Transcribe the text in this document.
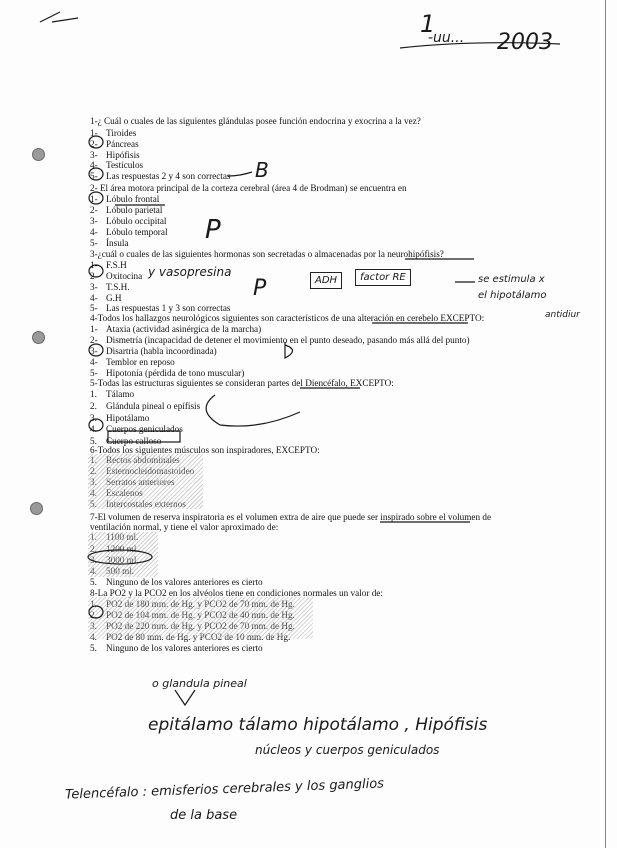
1
-uu... 2003
1-¿ Cuál o cuales de las siguientes glándulas posee función endocrina y exocrina a la vez?
2- El área motora principal de la corteza cerebral (área 4 de Brodman) se encuentra en
3-¿cuál o cuales de las siguientes hormonas son secretadas o almacenadas por la neurohipófisis?
4-Todos los hallazgos neurológicos siguientes son característicos de una alteración en cerebelo EXCEPTO:
5-Todas las estructuras siguientes se consideran partes del Diencéfalo, EXCEPTO:
6-Todos los siguientes músculos son inspiradores, EXCEPTO:
7-El volumen de reserva inspiratoria es el volumen extra de aire que puede ser inspirado sobre el volumen de
ventilación normal, y tiene el valor aproximado de:
8-La PO2 y la PCO2 en los alvéolos tiene en condiciones normales un valor de:
1- Tiroides
2- Páncreas
3- Hipófisis
4- Testículos
5- Las respuestas 2 y 4 son correctas
1- Lóbulo frontal
2- Lóbulo parietal
3- Lóbulo occipital
4- Lóbulo temporal
5- Ínsula
1- F.S.H
2- Oxitocina
3- T.S.H.
4- G.H
5- Las respuestas 1 y 3 son correctas
1- Ataxia (actividad asinérgica de la marcha)
2- Dismetría (incapacidad de detener el movimiento en el punto deseado, pasando más allá del punto)
3- Disartria (habla incoordinada)
4- Temblor en reposo
5- Hipotonía (pérdida de tono muscular)
1. Tálamo
2. Glándula pineal o epífisis
3. Hipotálamo
4. Cuerpos geniculados
5. Cuerpo calloso
1. Rectos abdominales
2. Esternocleidomastoideo
3. Serratos anteriores
4. Escalenos
5. Intercostales externos
1. 1100 ml.
2. 1200 ml.
3. 3000 ml.
4. 500 ml.
5. Ninguno de los valores anteriores es cierto
1. PO2 de 180 mm. de Hg. y PCO2 de 70 mm. de Hg.
2. PO2 de 104 mm. de Hg. y PCO2 de 40 mm. de Hg.
3. PO2 de 220 mm. de Hg. y PCO2 de 70 mm. de Hg.
4. PO2 de 80 mm. de Hg. y PCO2 de 10 mm. de Hg.
5. Ninguno de los valores anteriores es cierto
B
P
y vasopresina
P	ADH	factor RE	se estimula x
el hipotálamo
antidiur
o glandula pineal
epitálamo tálamo hipotálamo , Hipófisis
núcleos y cuerpos geniculados
Telencéfalo : emisferios cerebrales y los ganglios
de la base
